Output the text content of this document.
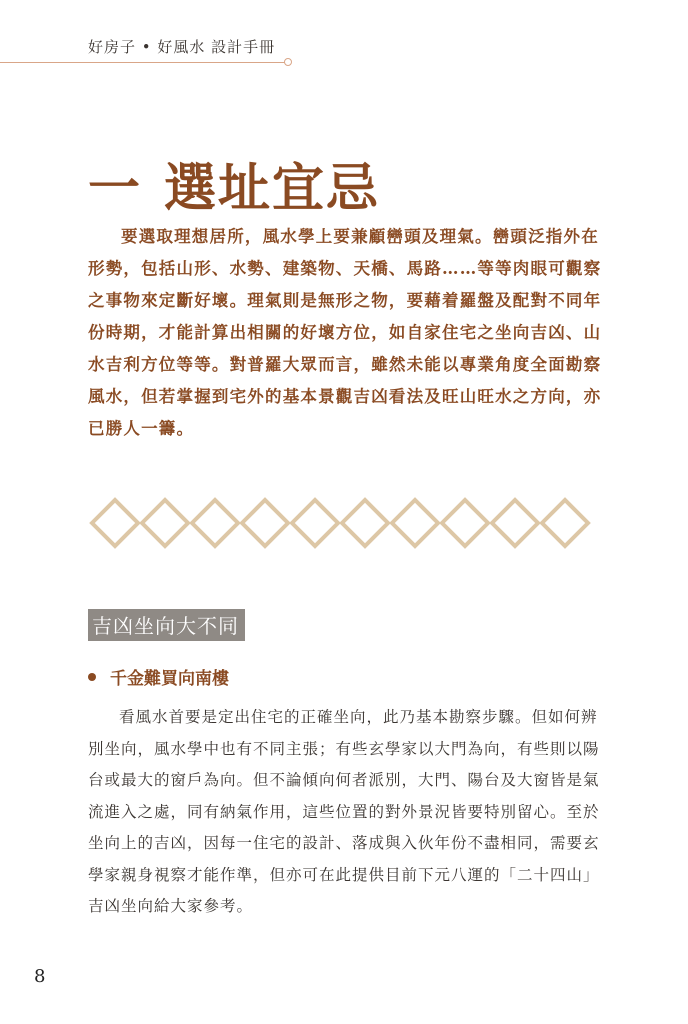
好房子 • 好風水 設計手冊
一 選址宜忌

要選取理想居所，風水學上要兼顧巒頭及理氣。巒頭泛指外在形勢，包括山形、水勢、建築物、天橋、馬路……等等肉眼可觀察之事物來定斷好壞。理氣則是無形之物，要藉着羅盤及配對不同年份時期，才能計算出相關的好壞方位，如自家住宅之坐向吉凶、山水吉利方位等等。對普羅大眾而言，雖然未能以專業角度全面勘察風水，但若掌握到宅外的基本景觀吉凶看法及旺山旺水之方向，亦已勝人一籌。

吉凶坐向大不同
千金難買向南樓

看風水首要是定出住宅的正確坐向，此乃基本勘察步驟。但如何辨別坐向，風水學中也有不同主張；有些玄學家以大門為向，有些則以陽台或最大的窗戶為向。但不論傾向何者派別，大門、陽台及大窗皆是氣流進入之處，同有納氣作用，這些位置的對外景況皆要特別留心。至於坐向上的吉凶，因每一住宅的設計、落成與入伙年份不盡相同，需要玄學家親身視察才能作準，但亦可在此提供目前下元八運的「二十四山」吉凶坐向給大家參考。

8
